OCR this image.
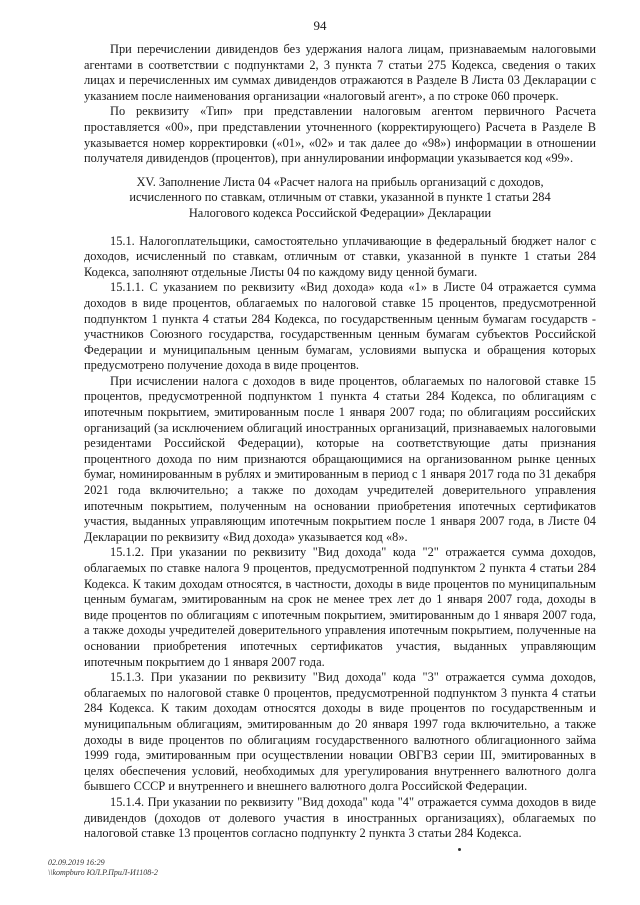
94

При перечислении дивидендов без удержания налога лицам, признаваемым налоговыми агентами в соответствии с подпунктами 2, 3 пункта 7 статьи 275 Кодекса, сведения о таких лицах и перечисленных им суммах дивидендов отражаются в Разделе В Листа 03 Декларации с указанием после наименования организации «налоговый агент», а по строке 060 прочерк.

По реквизиту «Тип» при представлении налоговым агентом первичного Расчета проставляется «00», при представлении уточненного (корректирующего) Расчета в Разделе В указывается номер корректировки («01», «02» и так далее до «98») информации в отношении получателя дивидендов (процентов), при аннулировании информации указывается код «99».

XV. Заполнение Листа 04 «Расчет налога на прибыль организаций с доходов,
исчисленного по ставкам, отличным от ставки, указанной в пункте 1 статьи 284
Налогового кодекса Российской Федерации» Декларации

15.1. Налогоплательщики, самостоятельно уплачивающие в федеральный бюджет налог с доходов, исчисленный по ставкам, отличным от ставки, указанной в пункте 1 статьи 284 Кодекса, заполняют отдельные Листы 04 по каждому виду ценной бумаги.

15.1.1. С указанием по реквизиту «Вид дохода» кода «1» в Листе 04 отражается сумма доходов в виде процентов, облагаемых по налоговой ставке 15 процентов, предусмотренной подпунктом 1 пункта 4 статьи 284 Кодекса, по государственным ценным бумагам государств - участников Союзного государства, государственным ценным бумагам субъектов Российской Федерации и муниципальным ценным бумагам, условиями выпуска и обращения которых предусмотрено получение дохода в виде процентов.

При исчислении налога с доходов в виде процентов, облагаемых по налоговой ставке 15 процентов, предусмотренной подпунктом 1 пункта 4 статьи 284 Кодекса, по облигациям с ипотечным покрытием, эмитированным после 1 января 2007 года; по облигациям российских организаций (за исключением облигаций иностранных организаций, признаваемых налоговыми резидентами Российской Федерации), которые на соответствующие даты признания процентного дохода по ним признаются обращающимися на организованном рынке ценных бумаг, номинированным в рублях и эмитированным в период с 1 января 2017 года по 31 декабря 2021 года включительно; а также по доходам учредителей доверительного управления ипотечным покрытием, полученным на основании приобретения ипотечных сертификатов участия, выданных управляющим ипотечным покрытием после 1 января 2007 года, в Листе 04 Декларации по реквизиту «Вид дохода» указывается код «8».

15.1.2. При указании по реквизиту "Вид дохода" кода "2" отражается сумма доходов, облагаемых по ставке налога 9 процентов, предусмотренной подпунктом 2 пункта 4 статьи 284 Кодекса. К таким доходам относятся, в частности, доходы в виде процентов по муниципальным ценным бумагам, эмитированным на срок не менее трех лет до 1 января 2007 года, доходы в виде процентов по облигациям с ипотечным покрытием, эмитированным до 1 января 2007 года, а также доходы учредителей доверительного управления ипотечным покрытием, полученные на основании приобретения ипотечных сертификатов участия, выданных управляющим ипотечным покрытием до 1 января 2007 года.

15.1.3. При указании по реквизиту "Вид дохода" кода "3" отражается сумма доходов, облагаемых по налоговой ставке 0 процентов, предусмотренной подпунктом 3 пункта 4 статьи 284 Кодекса. К таким доходам относятся доходы в виде процентов по государственным и муниципальным облигациям, эмитированным до 20 января 1997 года включительно, а также доходы в виде процентов по облигациям государственного валютного облигационного займа 1999 года, эмитированным при осуществлении новации ОВГВЗ серии III, эмитированных в целях обеспечения условий, необходимых для урегулирования внутреннего валютного долга бывшего СССР и внутреннего и внешнего валютного долга Российской Федерации.

15.1.4. При указании по реквизиту "Вид дохода" кода "4" отражается сумма доходов в виде дивидендов (доходов от долевого участия в иностранных организациях), облагаемых по налоговой ставке 13 процентов согласно подпункту 2 пункта 3 статьи 284 Кодекса.

02.09.2019 16:29
\\kompburo ЮЛ.Р.ПриЛ-И1108-2
